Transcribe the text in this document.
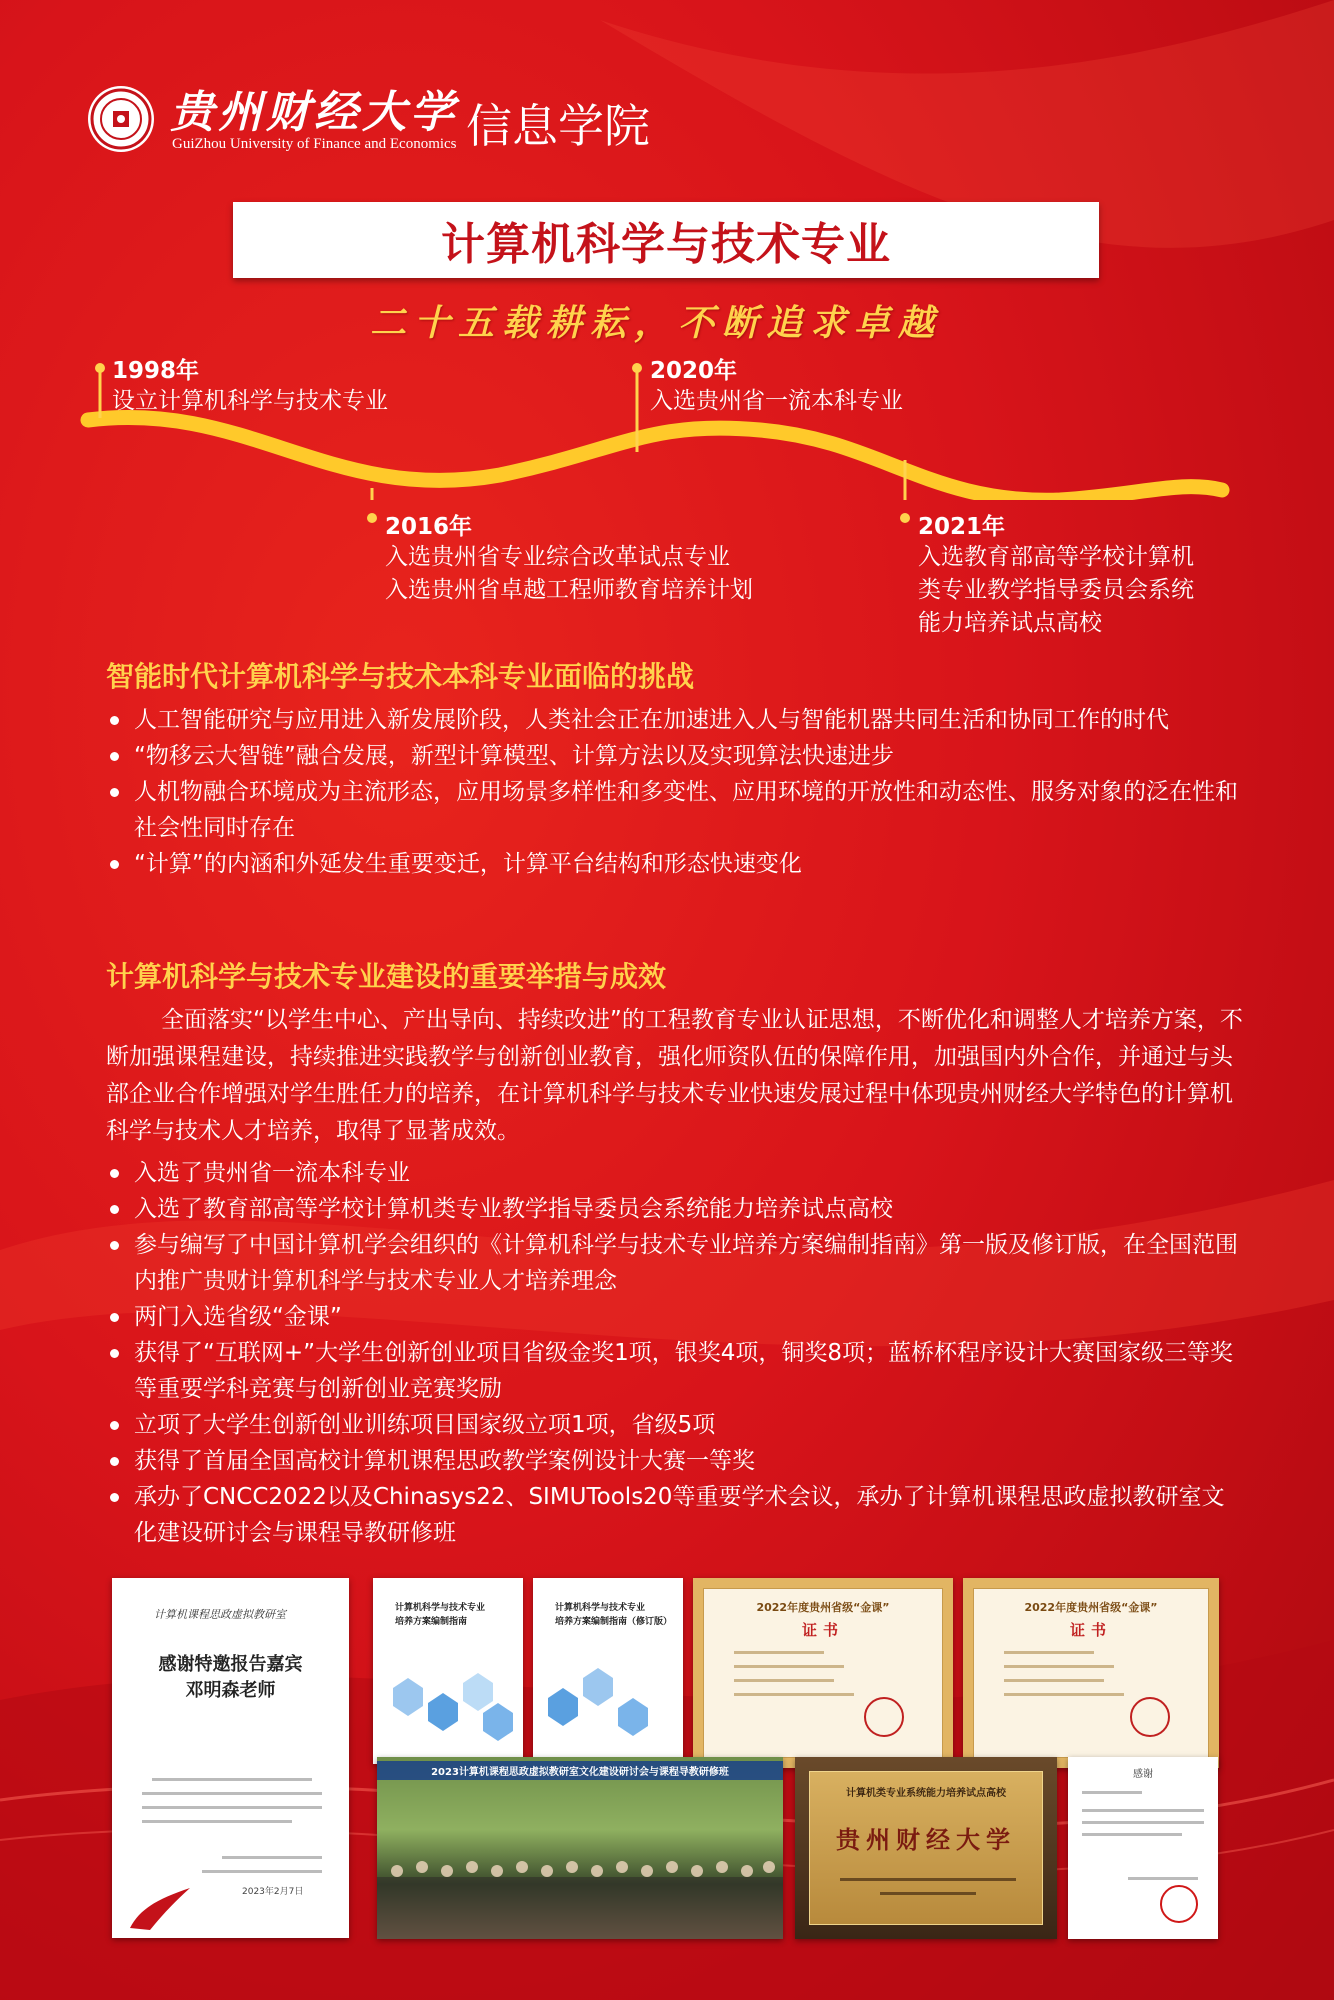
贵州财经大学
GuiZhou University of Finance and Economics 信息学院
计算机科学与技术专业
二十五载耕耘，不断追求卓越
1998年
设立计算机科学与技术专业
2020年
入选贵州省一流本科专业
2016年
入选贵州省专业综合改革试点专业
入选贵州省卓越工程师教育培养计划
2021年
入选教育部高等学校计算机
类专业教学指导委员会系统
能力培养试点高校
智能时代计算机科学与技术本科专业面临的挑战
人工智能研究与应用进入新发展阶段，人类社会正在加速进入人与智能机器共同生活和协同工作的时代
“物移云大智链”融合发展，新型计算模型、计算方法以及实现算法快速进步
人机物融合环境成为主流形态，应用场景多样性和多变性、应用环境的开放性和动态性、服务对象的泛在性和社会性同时存在
“计算”的内涵和外延发生重要变迁，计算平台结构和形态快速变化
计算机科学与技术专业建设的重要举措与成效
全面落实“以学生中心、产出导向、持续改进”的工程教育专业认证思想，不断优化和调整人才培养方案，不断加强课程建设，持续推进实践教学与创新创业教育，强化师资队伍的保障作用，加强国内外合作，并通过与头部企业合作增强对学生胜任力的培养，在计算机科学与技术专业快速发展过程中体现贵州财经大学特色的计算机科学与技术人才培养，取得了显著成效。
入选了贵州省一流本科专业
入选了教育部高等学校计算机类专业教学指导委员会系统能力培养试点高校
参与编写了中国计算机学会组织的《计算机科学与技术专业培养方案编制指南》第一版及修订版，在全国范围内推广贵财计算机科学与技术专业人才培养理念
两门入选省级“金课”
获得了“互联网+”大学生创新创业项目省级金奖1项，银奖4项，铜奖8项；蓝桥杯程序设计大赛国家级三等奖等重要学科竞赛与创新创业竞赛奖励
立项了大学生创新创业训练项目国家级立项1项，省级5项
获得了首届全国高校计算机课程思政教学案例设计大赛一等奖
承办了CNCC2022以及Chinasys22、SIMUTools20等重要学术会议，承办了计算机课程思政虚拟教研室文化建设研讨会与课程导教研修班
计算机课程思政虚拟教研室
感谢特邀报告嘉宾
邓明森老师
2023年2月7日
计算机科学与技术专业
培养方案编制指南
计算机科学与技术专业
培养方案编制指南（修订版）
2022年度贵州省级“金课”
证书
2022年度贵州省级“金课”
证书
2023计算机课程思政虚拟教研室文化建设研讨会与课程导教研修班
计算机类专业系统能力培养试点高校
贵州财经大学
感谢
